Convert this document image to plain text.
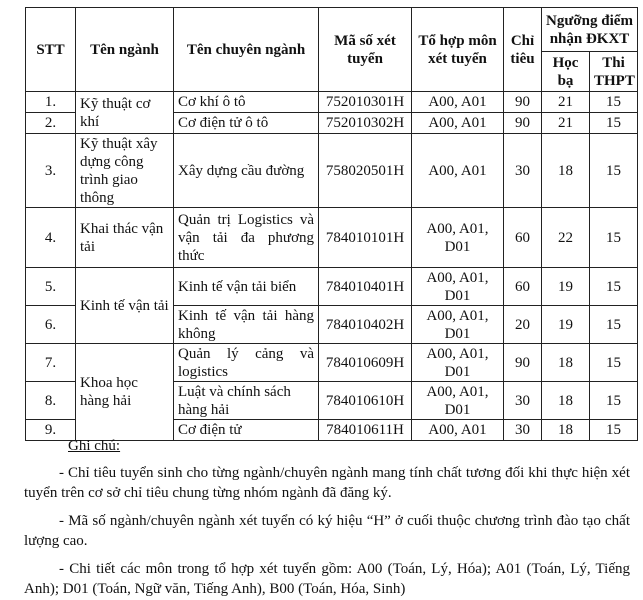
STT	Tên ngành	Tên chuyên ngành	Mã số xét tuyển	Tổ hợp môn xét tuyển	Chỉ tiêu	Ngưỡng điểm nhận ĐKXT	
						Học bạ	Thi THPT
1.	Kỹ thuật cơ khí	Cơ khí ô tô	752010301H	A00, A01	90	21	15
2.		Cơ điện tử ô tô	752010302H	A00, A01	90	21	15
3.	Kỹ thuật xây dựng công trình giao thông	Xây dựng cầu đường	758020501H	A00, A01	30	18	15
4.	Khai thác vận tải	Quản trị Logistics và vận tải đa phương thức	784010101H	A00, A01, D01	60	22	15
5.	Kinh tế vận tải	Kinh tế vận tải biển	784010401H	A00, A01, D01	60	19	15
6.		Kinh tế vận tải hàng không	784010402H	A00, A01, D01	20	19	15
7.	Khoa học hàng hải	Quản lý cảng và logistics	784010609H	A00, A01, D01	90	18	15
8.		Luật và chính sách hàng hải	784010610H	A00, A01, D01	30	18	15
9.		Cơ điện tử	784010611H	A00, A01	30	18	15
Ghi chú:

- Chỉ tiêu tuyển sinh cho từng ngành/chuyên ngành mang tính chất tương đối khi thực hiện xét tuyển trên cơ sở chỉ tiêu chung từng nhóm ngành đã đăng ký.

- Mã số ngành/chuyên ngành xét tuyển có ký hiệu “H” ở cuối thuộc chương trình đào tạo chất lượng cao.

- Chi tiết các môn trong tổ hợp xét tuyển gồm: A00 (Toán, Lý, Hóa); A01 (Toán, Lý, Tiếng Anh); D01 (Toán, Ngữ văn, Tiếng Anh), B00 (Toán, Hóa, Sinh)
